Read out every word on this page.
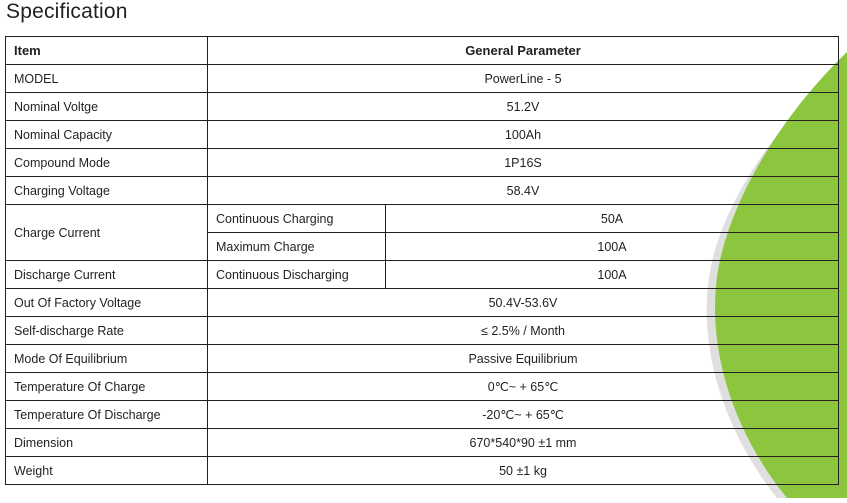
Specification
Item	General Parameter	
MODEL	PowerLine - 5	
Nominal Voltge	51.2V	
Nominal Capacity	100Ah	
Compound Mode	1P16S	
Charging Voltage	58.4V	
Charge Current	Continuous Charging	50A
	Maximum Charge	100A
Discharge Current	Continuous Discharging	100A
Out Of Factory Voltage	50.4V-53.6V	
Self-discharge Rate	≤ 2.5% / Month	
Mode Of Equilibrium	Passive Equilibrium	
Temperature Of Charge	0℃~ + 65℃	
Temperature Of Discharge	-20℃~ + 65℃	
Dimension	670*540*90 ±1 mm	
Weight	50 ±1 kg	
